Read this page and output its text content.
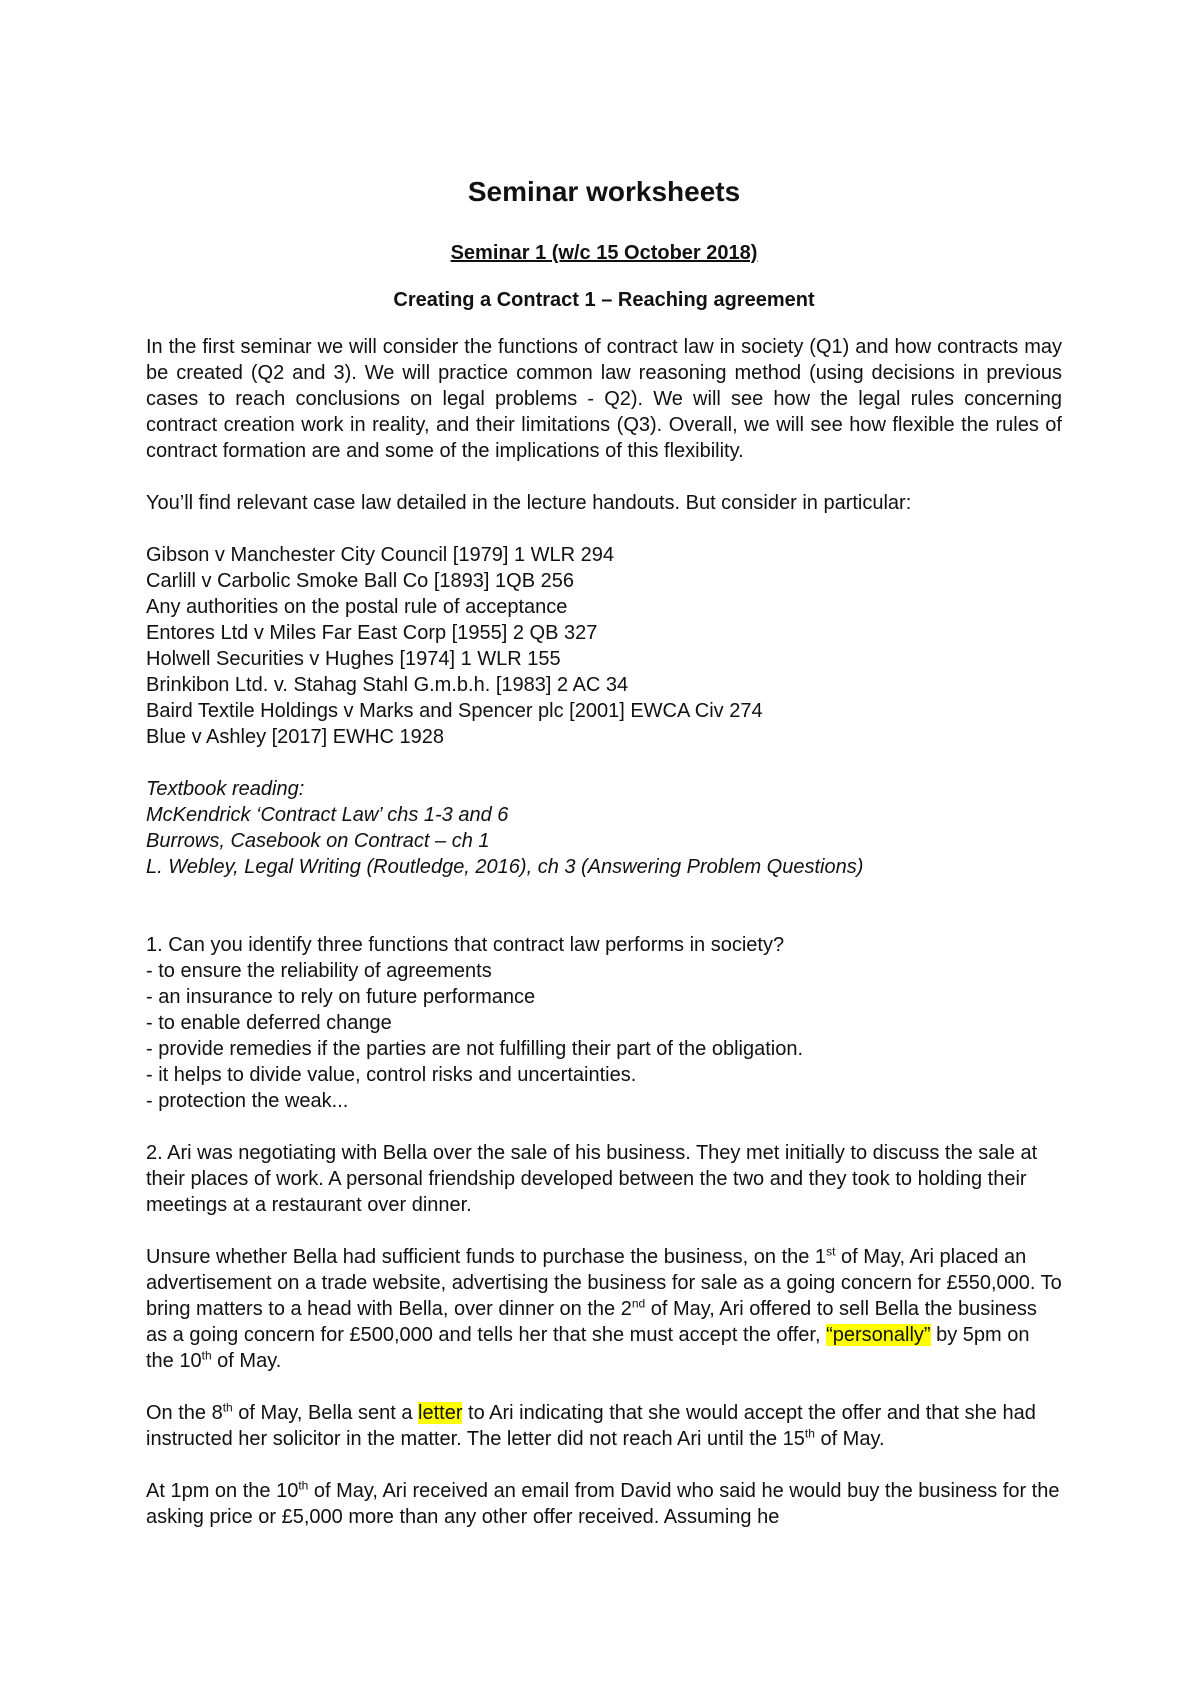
Seminar worksheets
Seminar 1 (w/c 15 October 2018)
Creating a Contract 1 – Reaching agreement

In the first seminar we will consider the functions of contract law in society (Q1) and how contracts may be created (Q2 and 3). We will practice common law reasoning method (using decisions in previous cases to reach conclusions on legal problems - Q2). We will see how the legal rules concerning contract creation work in reality, and their limitations (Q3). Overall, we will see how flexible the rules of contract formation are and some of the implications of this flexibility.

You’ll find relevant case law detailed in the lecture handouts. But consider in particular:

Gibson v Manchester City Council [1979] 1 WLR 294
Carlill v Carbolic Smoke Ball Co [1893] 1QB 256
Any authorities on the postal rule of acceptance
Entores Ltd v Miles Far East Corp [1955] 2 QB 327
Holwell Securities v Hughes [1974] 1 WLR 155
Brinkibon Ltd. v. Stahag Stahl G.m.b.h. [1983] 2 AC 34
Baird Textile Holdings v Marks and Spencer plc [2001] EWCA Civ 274
Blue v Ashley [2017] EWHC 1928
Textbook reading:
McKendrick ‘Contract Law’ chs 1-3 and 6
Burrows, Casebook on Contract – ch 1
L. Webley, Legal Writing (Routledge, 2016), ch 3 (Answering Problem Questions)
1. Can you identify three functions that contract law performs in society?
- to ensure the reliability of agreements
- an insurance to rely on future performance
- to enable deferred change
- provide remedies if the parties are not fulfilling their part of the obligation.
- it helps to divide value, control risks and uncertainties.
- protection the weak...

2. Ari was negotiating with Bella over the sale of his business. They met initially to discuss the sale at their places of work. A personal friendship developed between the two and they took to holding their meetings at a restaurant over dinner.

Unsure whether Bella had sufficient funds to purchase the business, on the 1st of May, Ari placed an advertisement on a trade website, advertising the business for sale as a going concern for £550,000. To bring matters to a head with Bella, over dinner on the 2nd of May, Ari offered to sell Bella the business as a going concern for £500,000 and tells her that she must accept the offer, “personally” by 5pm on the 10th of May.

On the 8th of May, Bella sent a letter to Ari indicating that she would accept the offer and that she had instructed her solicitor in the matter. The letter did not reach Ari until the 15th of May.

At 1pm on the 10th of May, Ari received an email from David who said he would buy the business for the asking price or £5,000 more than any other offer received. Assuming he
